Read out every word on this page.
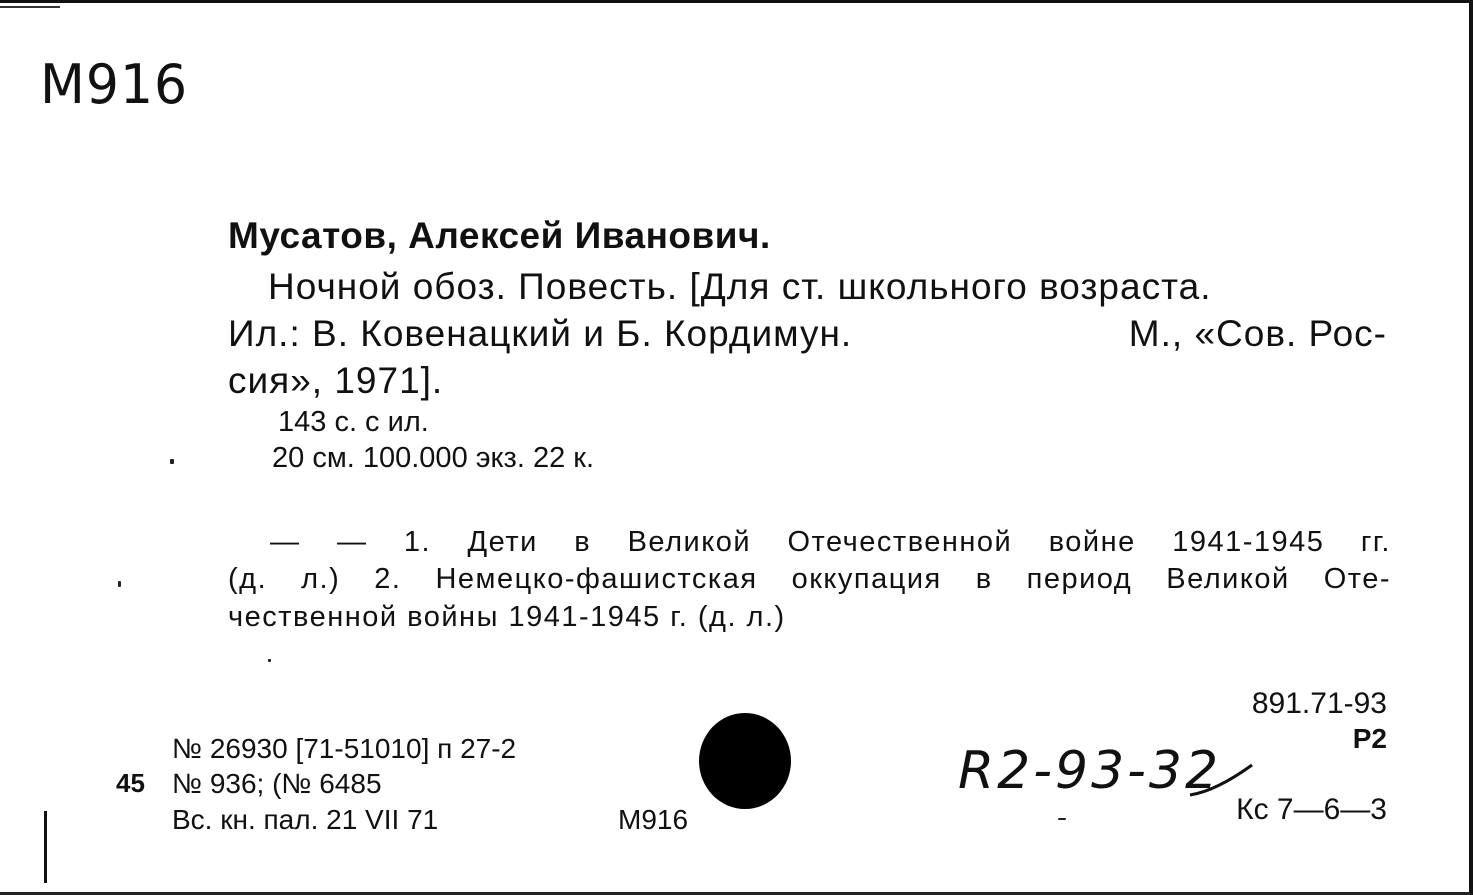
М916
Мусатов, Алексей Иванович.
Ночной обоз. Повесть. [Для ст. школьного возраста.
Ил.: В. Ковенацкий и Б. Кордимун.	М., «Сов. Рос-
сия», 1971].
143 с. с ил.
20 см. 100.000 экз. 22 к.
— — 1. Дети в Великой Отечественной войне 1941-1945 гг.
(д. л.) 2. Немецко-фашистская оккупация в период Великой Оте-
чественной войны 1941-1945 г. (д. л.)
891.71-93
Р2
R2-93-32
Кс 7—6—3
№ 26930 [71-51010] п 27-2
45 № 936; (№ 6485
Вс. кн. пал. 21 VII 71	М916
